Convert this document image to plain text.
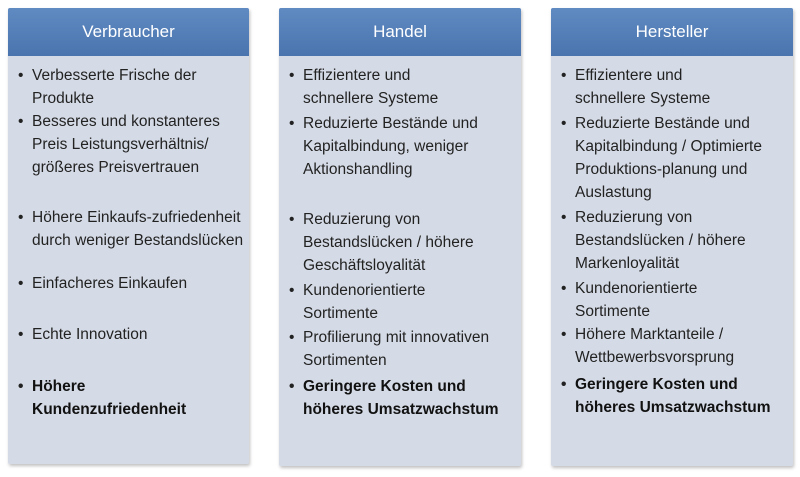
Verbraucher
• Verbesserte Frische der Produkte
• Besseres und konstanteres Preis Leistungsverhältnis/ größeres Preisvertrauen
• Höhere Einkaufs-zufriedenheit durch weniger Bestandslücken
• Einfacheres Einkaufen
• Echte Innovation
• Höhere Kundenzufriedenheit
Handel
• Effizientere und schnellere Systeme
• Reduzierte Bestände und Kapitalbindung, weniger Aktionshandling
• Reduzierung von Bestandslücken / höhere Geschäftsloyalität
• Kundenorientierte Sortimente
• Profilierung mit innovativen Sortimenten
• Geringere Kosten und höheres Umsatzwachstum
Hersteller
• Effizientere und schnellere Systeme
• Reduzierte Bestände und Kapitalbindung / Optimierte Produktions-planung und Auslastung
• Reduzierung von Bestandslücken / höhere Markenloyalität
• Kundenorientierte Sortimente
• Höhere Marktanteile / Wettbewerbsvorsprung
• Geringere Kosten und höheres Umsatzwachstum
